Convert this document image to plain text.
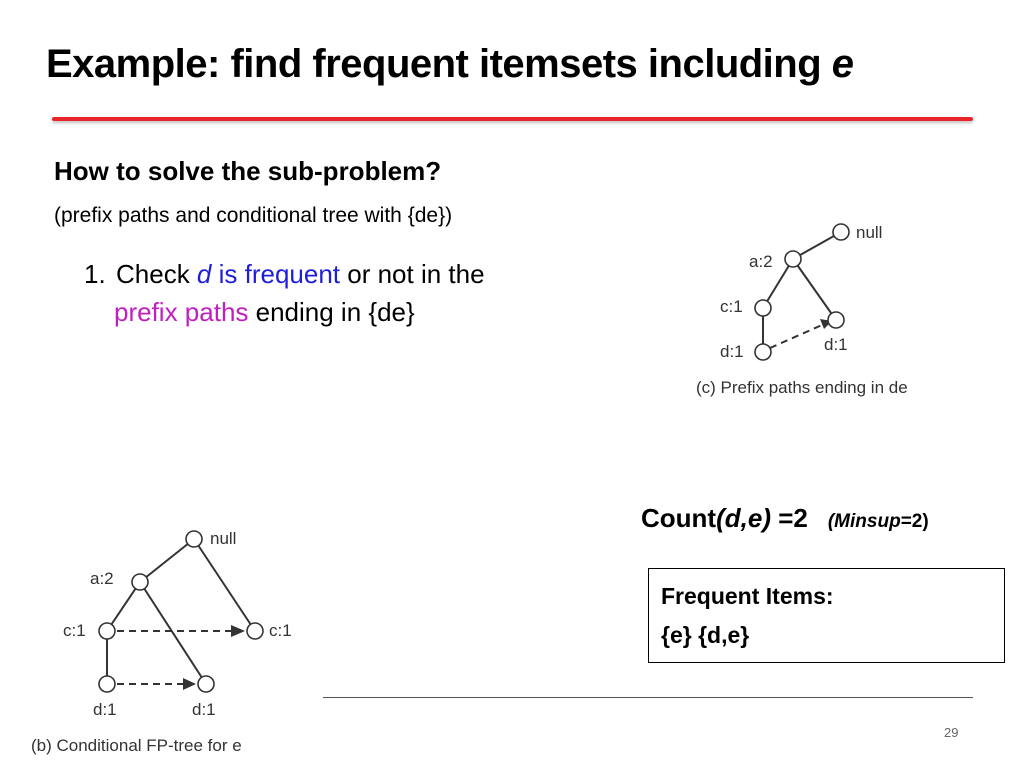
Example: find frequent itemsets including e
How to solve the sub-problem?
(prefix paths and conditional tree with {de})
1. Check d is frequent or not in the
prefix paths ending in {de}
null
a:2
c:1
d:1	d:1
(c) Prefix paths ending in de
Count(d,e) =2 (Minsup=2)
Frequent Items:
{e} {d,e}
null
a:2
c:1	c:1
d:1	d:1
(b) Conditional FP-tree for e
29
